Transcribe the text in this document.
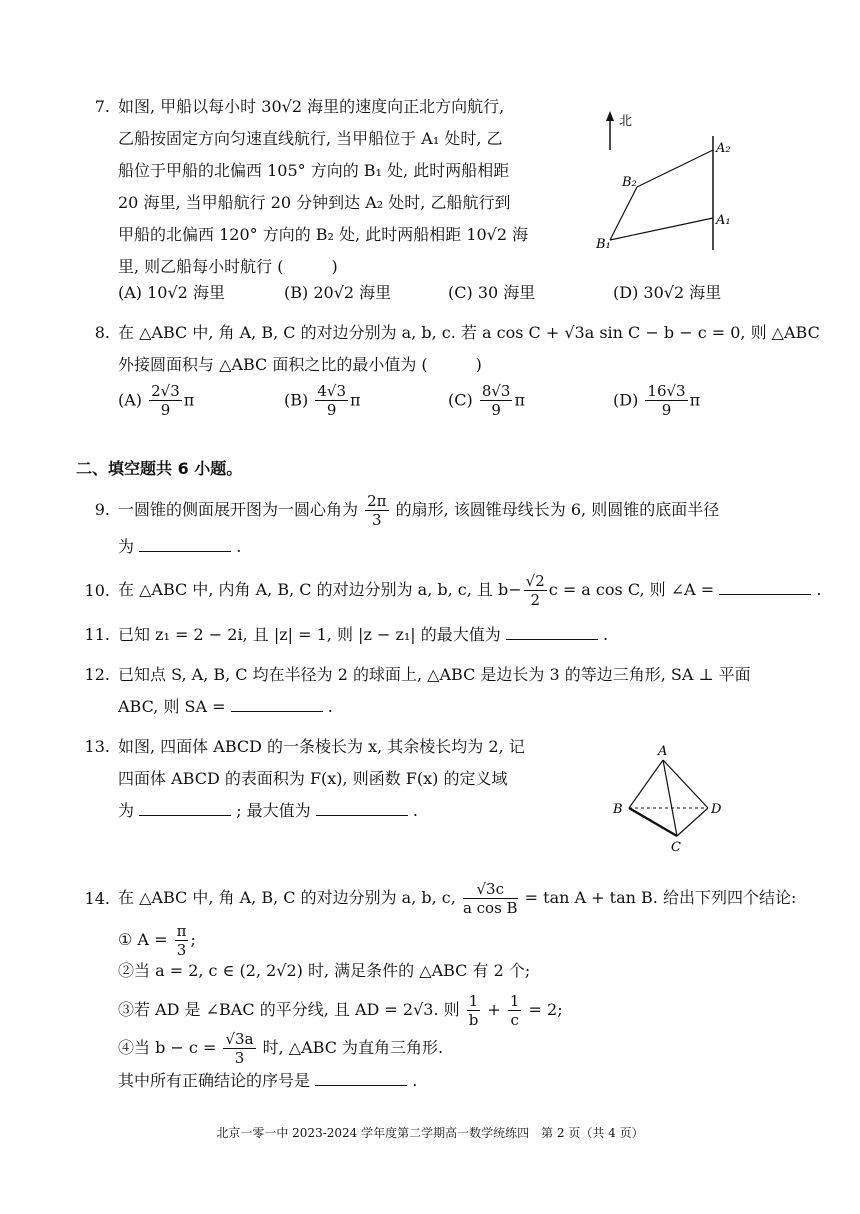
7. 如图, 甲船以每小时 30√2 海里的速度向正北方向航行,
乙船按固定方向匀速直线航行, 当甲船位于 A₁ 处时, 乙
船位于甲船的北偏西 105° 方向的 B₁ 处, 此时两船相距
20 海里, 当甲船航行 20 分钟到达 A₂ 处时, 乙船航行到
甲船的北偏西 120° 方向的 B₂ 处, 此时两船相距 10√2 海
里, 则乙船每小时航行 (　　　)
(A) 10√2 海里	(B) 20√2 海里	(C) 30 海里	(D) 30√2 海里
北
A₂
A₁
B₂
B₁
8. 在 △ABC 中, 角 A, B, C 的对边分别为 a, b, c. 若 a cos C + √3a sin C − b − c = 0, 则 △ABC
外接圆面积与 △ABC 面积之比的最小值为 (　　　)
$(A) \frac{2√3}{9}$ π	$(B) \frac{4√3}{9}$ π	$(C) \frac{8√3}{9}$ π	$(D) \frac{16√3}{9}$ π
二、填空题共 6 小题。
9. 一圆锥的侧面展开图为一圆心角为 $\frac{2\pi}{3}$ 的扇形, 该圆锥母线长为 6, 则圆锥的底面半径
为	.
10. 在 △ABC 中, 内角 A, B, C 的对边分别为 a, b, c, 且 $b- \frac{√2}{2}$ c = a cos C, 则 ∠A =	.
11. 已知 z₁ = 2 − 2i, 且 |z| = 1, 则 |z − z₁| 的最大值为	.
12. 已知点 S, A, B, C 均在半径为 2 的球面上, △ABC 是边长为 3 的等边三角形, SA ⊥ 平面
ABC, 则 SA =	.
13. 如图, 四面体 ABCD 的一条棱长为 x, 其余棱长均为 2, 记
四面体 ABCD 的表面积为 F(x), 则函数 F(x) 的定义域
为	; 最大值为	.
A
B
C
D
14. 在 △ABC 中, 角 A, B, C 的对边分别为 a, b, c, $\frac{√3c}{\text{a cos B}} = \tan A + \tan B$. 给出下列四个结论:
① $A = \frac{\pi}{3}$ ;
②当 a = 2, c ∈ (2, 2√2) 时, 满足条件的 △ABC 有 2 个;
③若 AD 是 ∠BAC 的平分线, 且 AD = 2√3. 则 $\frac{1}{b} + \frac{1}{c} = 2$;
④当 $b - c = \frac{√3a}{3}$ 时, △ABC 为直角三角形.
其中所有正确结论的序号是	.
北京一零一中 2023-2024 学年度第二学期高一数学统练四　第 2 页（共 4 页）
